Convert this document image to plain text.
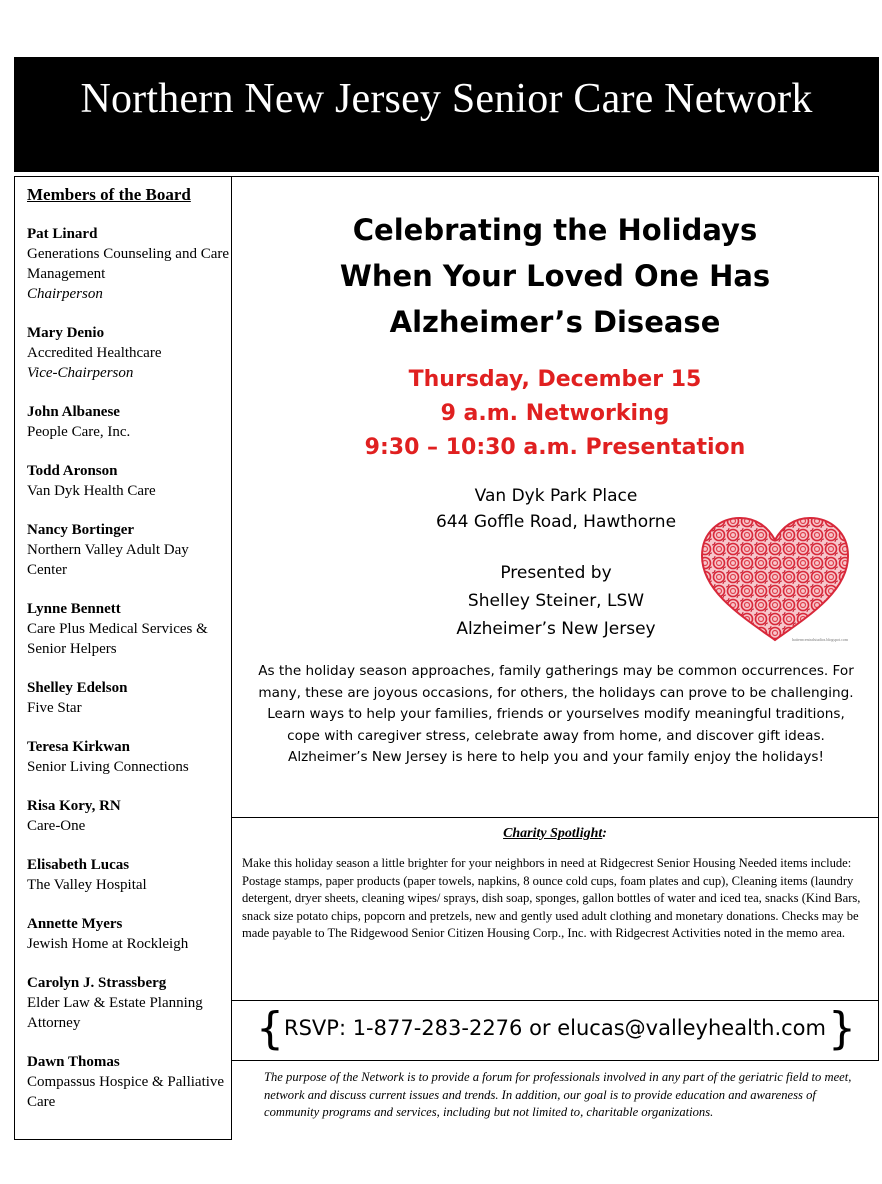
Northern New Jersey Senior Care Network
Members of the Board
Pat Linard
Generations Counseling and Care Management
Chairperson
Mary Denio
Accredited Healthcare
Vice-Chairperson
John Albanese
People Care, Inc.
Todd Aronson
Van Dyk Health Care
Nancy Bortinger
Northern Valley Adult Day Center
Lynne Bennett
Care Plus Medical Services & Senior Helpers
Shelley Edelson
Five Star
Teresa Kirkwan
Senior Living Connections
Risa Kory, RN
Care-One
Elisabeth Lucas
The Valley Hospital
Annette Myers
Jewish Home at Rockleigh
Carolyn J. Strassberg
Elder Law & Estate Planning Attorney
Dawn Thomas
Compassus Hospice & Palliative Care
Celebrating the Holidays
When Your Loved One Has
Alzheimer’s Disease
Thursday, December 15
9 a.m. Networking
9:30 – 10:30 a.m. Presentation
Van Dyk Park Place
644 Goffle Road, Hawthorne
Presented by
Shelley Steiner, LSW
Alzheimer’s New Jersey
hatterncentralstudios.blogspot.com
As the holiday season approaches, family gatherings may be common occurrences. For many, these are joyous occasions, for others, the holidays can prove to be challenging. Learn ways to help your families, friends or yourselves modify meaningful traditions, cope with caregiver stress, celebrate away from home, and discover gift ideas. Alzheimer’s New Jersey is here to help you and your family enjoy the holidays!
Charity Spotlight:
Make this holiday season a little brighter for your neighbors in need at Ridgecrest Senior Housing Needed items include: Postage stamps, paper products (paper towels, napkins, 8 ounce cold cups, foam plates and cup), Cleaning items (laundry detergent, dryer sheets, cleaning wipes/ sprays, dish soap, sponges, gallon bottles of water and iced tea, snacks (Kind Bars, snack size potato chips, popcorn and pretzels, new and gently used adult clothing and monetary donations. Checks may be made payable to The Ridgewood Senior Citizen Housing Corp., Inc. with Ridgecrest Activities noted in the memo area.
{ RSVP: 1-877-283-2276 or elucas@valleyhealth.com }
The purpose of the Network is to provide a forum for professionals involved in any part of the geriatric field to meet, network and discuss current issues and trends. In addition, our goal is to provide education and awareness of community programs and services, including but not limited to, charitable organizations.
